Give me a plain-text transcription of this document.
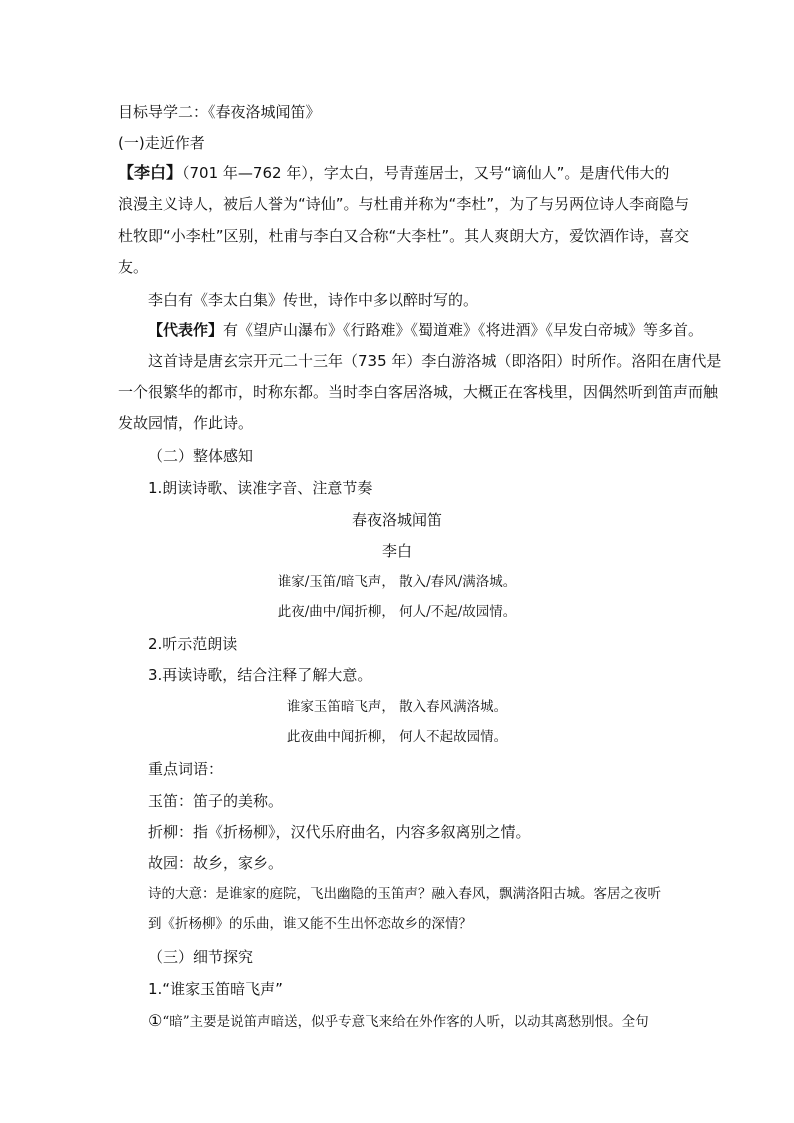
目标导学二：《春夜洛城闻笛》
(一)走近作者
【李白】（701 年—762 年），字太白，号青莲居士，又号“谪仙人”。是唐代伟大的
浪漫主义诗人，被后人誉为“诗仙”。与杜甫并称为“李杜”，为了与另两位诗人李商隐与
杜牧即“小李杜”区别，杜甫与李白又合称“大李杜”。其人爽朗大方，爱饮酒作诗，喜交
友。
李白有《李太白集》传世，诗作中多以醉时写的。
【代表作】有《望庐山瀑布》《行路难》《蜀道难》《将进酒》《早发白帝城》等多首。
这首诗是唐玄宗开元二十三年（735 年）李白游洛城（即洛阳）时所作。洛阳在唐代是
一个很繁华的都市，时称东都。当时李白客居洛城，大概正在客栈里，因偶然听到笛声而触
发故园情，作此诗。
（二）整体感知
1.朗读诗歌、读准字音、注意节奏
春夜洛城闻笛
李白
谁家/玉笛/暗飞声， 散入/春风/满洛城。
此夜/曲中/闻折柳， 何人/不起/故园情。
2.听示范朗读
3.再读诗歌，结合注释了解大意。
谁家玉笛暗飞声， 散入春风满洛城。
此夜曲中闻折柳， 何人不起故园情。
重点词语：
玉笛：笛子的美称。
折柳：指《折杨柳》，汉代乐府曲名，内容多叙离别之情。
故园：故乡，家乡。
诗的大意：是谁家的庭院，飞出幽隐的玉笛声？融入春风，飘满洛阳古城。客居之夜听
到《折杨柳》的乐曲，谁又能不生出怀恋故乡的深情？
（三）细节探究
1.“谁家玉笛暗飞声”
①“暗”主要是说笛声暗送，似乎专意飞来给在外作客的人听，以动其离愁别恨。全句
